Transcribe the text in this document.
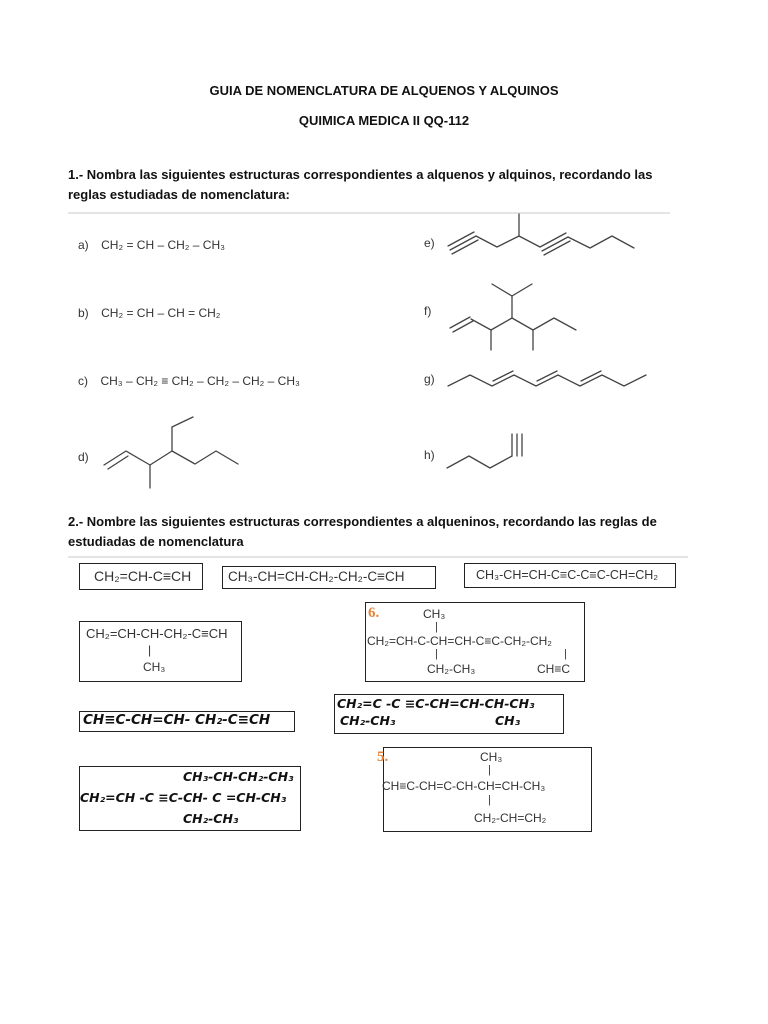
GUIA DE NOMENCLATURA DE ALQUENOS Y ALQUINOS
QUIMICA MEDICA II QQ-112
1.- Nombra las siguientes estructuras correspondientes a alquenos y alquinos, recordando las reglas estudiadas de nomenclatura:
a) CH₂ = CH – CH₂ – CH₃
b) CH₂ = CH – CH = CH₂
c) CH₃ – CH₂ ≡ CH₂ – CH₂ – CH₂ – CH₃
d)
e)
f)
g)
h)
2.- Nombre las siguientes estructuras correspondientes a alqueninos, recordando las reglas de estudiadas de nomenclatura
CH₂=CH-C≡CH	CH₃-CH=CH-CH₂-CH₂-C≡CH	CH₃-CH=CH-C≡C-C≡C-CH=CH₂
CH₂=CH-CH-CH₂-C≡CH
|
CH₃
6.	CH₃
|
CH₂=CH-C-CH=CH-C≡C-CH₂-CH₂
|	|
CH₂-CH₃	CH≡C
CH≡C-CH=CH- CH₂-C≡CH
CH₂=C -C ≡C-CH=CH-CH-CH₃
CH₂-CH₃	CH₃
CH₃-CH-CH₂-CH₃
CH₂=CH -C ≡C-CH- C =CH-CH₃
CH₂-CH₃
5.	CH₃
|
CH≡C-CH=C-CH-CH=CH-CH₃
|
CH₂-CH=CH₂
